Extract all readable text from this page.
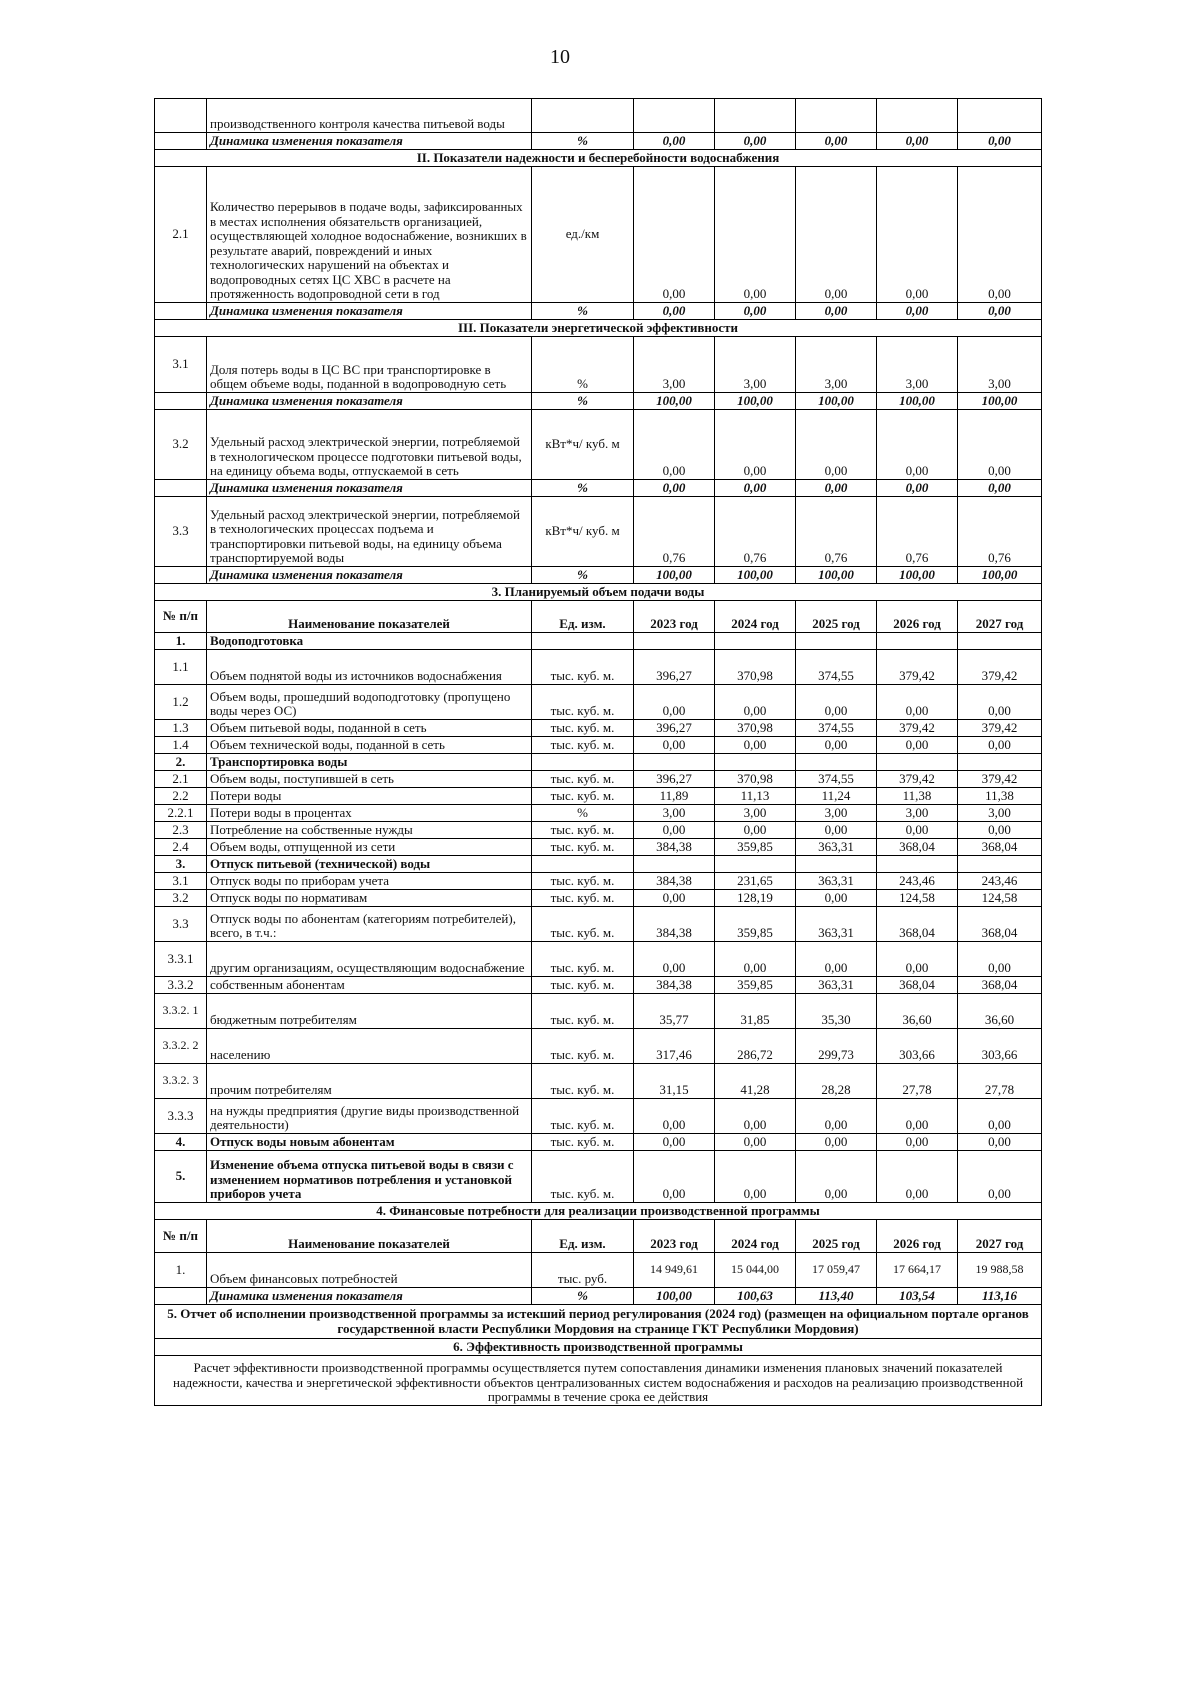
10
	производственного контроля качества питьевой воды						
	Динамика изменения показателя	%	0,00	0,00	0,00	0,00	0,00
II. Показатели надежности и бесперебойности водоснабжения							
2.1	Количество перерывов в подаче воды, зафиксированных в местах исполнения обязательств организацией, осуществляющей холодное водоснабжение, возникших в результате аварий, повреждений и иных технологических нарушений на объектах и водопроводных сетях ЦС ХВС в расчете на протяженность водопроводной сети в год	ед./км	0,00	0,00	0,00	0,00	0,00
	Динамика изменения показателя	%	0,00	0,00	0,00	0,00	0,00
III. Показатели энергетической эффективности							
3.1	Доля потерь воды в ЦС ВС при транспортировке в общем объеме воды, поданной в водопроводную сеть	%	3,00	3,00	3,00	3,00	3,00
	Динамика изменения показателя	%	100,00	100,00	100,00	100,00	100,00
3.2	Удельный расход электрической энергии, потребляемой в технологическом процессе подготовки питьевой воды, на единицу объема воды, отпускаемой в сеть	кВт*ч/ куб. м	0,00	0,00	0,00	0,00	0,00
	Динамика изменения показателя	%	0,00	0,00	0,00	0,00	0,00
3.3	Удельный расход электрической энергии, потребляемой в технологических процессах подъема и транспортировки питьевой воды, на единицу объема транспортируемой воды	кВт*ч/ куб. м	0,76	0,76	0,76	0,76	0,76
	Динамика изменения показателя	%	100,00	100,00	100,00	100,00	100,00
3. Планируемый объем подачи воды							
№ п/п	Наименование показателей	Ед. изм.	2023 год	2024 год	2025 год	2026 год	2027 год
1.	Водоподготовка						
1.1	Объем поднятой воды из источников водоснабжения	тыс. куб. м.	396,27	370,98	374,55	379,42	379,42
1.2	Объем воды, прошедший водоподготовку (пропущено воды через ОС)	тыс. куб. м.	0,00	0,00	0,00	0,00	0,00
1.3	Объем питьевой воды, поданной в сеть	тыс. куб. м.	396,27	370,98	374,55	379,42	379,42
1.4	Объем технической воды, поданной в сеть	тыс. куб. м.	0,00	0,00	0,00	0,00	0,00
2.	Транспортировка воды						
2.1	Объем воды, поступившей в сеть	тыс. куб. м.	396,27	370,98	374,55	379,42	379,42
2.2	Потери воды	тыс. куб. м.	11,89	11,13	11,24	11,38	11,38
2.2.1	Потери воды в процентах	%	3,00	3,00	3,00	3,00	3,00
2.3	Потребление на собственные нужды	тыс. куб. м.	0,00	0,00	0,00	0,00	0,00
2.4	Объем воды, отпущенной из сети	тыс. куб. м.	384,38	359,85	363,31	368,04	368,04
3.	Отпуск питьевой (технической) воды						
3.1	Отпуск воды по приборам учета	тыс. куб. м.	384,38	231,65	363,31	243,46	243,46
3.2	Отпуск воды по нормативам	тыс. куб. м.	0,00	128,19	0,00	124,58	124,58
3.3	Отпуск воды по абонентам (категориям потребителей), всего, в т.ч.:	тыс. куб. м.	384,38	359,85	363,31	368,04	368,04
3.3.1	другим организациям, осуществляющим водоснабжение	тыс. куб. м.	0,00	0,00	0,00	0,00	0,00
3.3.2	собственным абонентам	тыс. куб. м.	384,38	359,85	363,31	368,04	368,04
3.3.2. 1	бюджетным потребителям	тыс. куб. м.	35,77	31,85	35,30	36,60	36,60
3.3.2. 2	населению	тыс. куб. м.	317,46	286,72	299,73	303,66	303,66
3.3.2. 3	прочим потребителям	тыс. куб. м.	31,15	41,28	28,28	27,78	27,78
3.3.3	на нужды предприятия (другие виды производственной деятельности)	тыс. куб. м.	0,00	0,00	0,00	0,00	0,00
4.	Отпуск воды новым абонентам	тыс. куб. м.	0,00	0,00	0,00	0,00	0,00
5.	Изменение объема отпуска питьевой воды в связи с изменением нормативов потребления и установкой приборов учета	тыс. куб. м.	0,00	0,00	0,00	0,00	0,00
4. Финансовые потребности для реализации производственной программы							
№ п/п	Наименование показателей	Ед. изм.	2023 год	2024 год	2025 год	2026 год	2027 год
1.	Объем финансовых потребностей	тыс. руб.	14 949,61	15 044,00	17 059,47	17 664,17	19 988,58
	Динамика изменения показателя	%	100,00	100,63	113,40	103,54	113,16
5. Отчет об исполнении производственной программы за истекший период регулирования (2024 год) (размещен на официальном портале органов государственной власти Республики Мордовия на странице ГКТ Республики Мордовия)							
6. Эффективность производственной программы							
Расчет эффективности производственной программы осуществляется путем сопоставления динамики изменения плановых значений показателей надежности, качества и энергетической эффективности объектов централизованных систем водоснабжения и расходов на реализацию производственной программы в течение срока ее действия							
